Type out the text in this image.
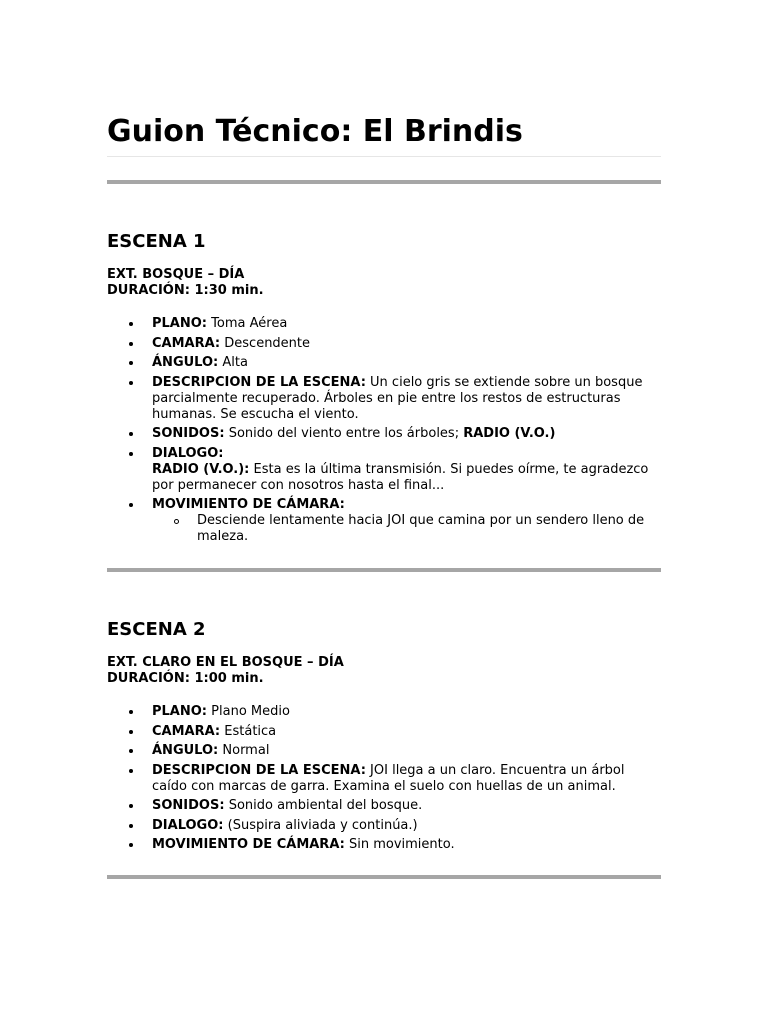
Guion Técnico: El Brindis
ESCENA 1
EXT. BOSQUE – DÍA
DURACIÓN: 1:30 min.
PLANO: Toma Aérea
CAMARA: Descendente
ÁNGULO: Alta
DESCRIPCION DE LA ESCENA: Un cielo gris se extiende sobre un bosque parcialmente recuperado. Árboles en pie entre los restos de estructuras humanas. Se escucha el viento.
SONIDOS: Sonido del viento entre los árboles; RADIO (V.O.)
DIALOGO:
RADIO (V.O.): Esta es la última transmisión. Si puedes oírme, te agradezco por permanecer con nosotros hasta el final...
MOVIMIENTO DE CÁMARA:
Desciende lentamente hacia JOI que camina por un sendero lleno de maleza.
ESCENA 2
EXT. CLARO EN EL BOSQUE – DÍA
DURACIÓN: 1:00 min.
PLANO: Plano Medio
CAMARA: Estática
ÁNGULO: Normal
DESCRIPCION DE LA ESCENA: JOI llega a un claro. Encuentra un árbol caído con marcas de garra. Examina el suelo con huellas de un animal.
SONIDOS: Sonido ambiental del bosque.
DIALOGO: (Suspira aliviada y continúa.)
MOVIMIENTO DE CÁMARA: Sin movimiento.
